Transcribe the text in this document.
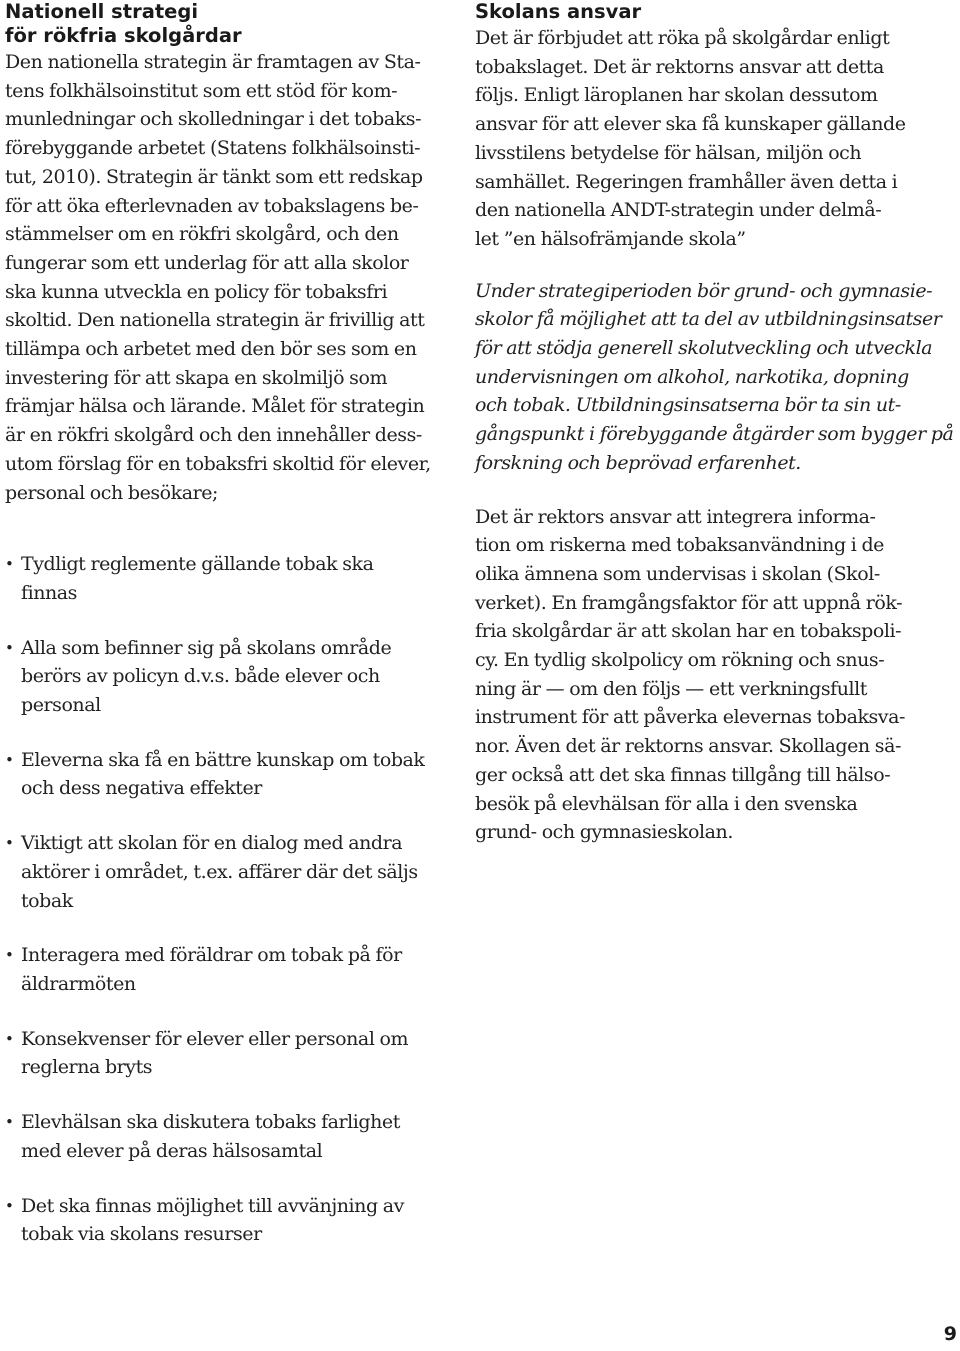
Nationell strategi
för rökfria skolgårdar

Den nationella strategin är framtagen av Sta-
tens folkhälsoinstitut som ett stöd för kom-
munledningar och skolledningar i det tobaks-
förebyggande arbetet (Statens folkhälsoinsti-
tut, 2010). Strategin är tänkt som ett redskap
för att öka efterlevnaden av tobakslagens be-
stämmelser om en rökfri skolgård, och den
fungerar som ett underlag för att alla skolor
ska kunna utveckla en policy för tobaksfri
skoltid. Den nationella strategin är frivillig att
tillämpa och arbetet med den bör ses som en
investering för att skapa en skolmiljö som
främjar hälsa och lärande. Målet för strategin
är en rökfri skolgård och den innehåller dess-
utom förslag för en tobaksfri skoltid för elever,
personal och besökare;

• Tydligt reglemente gällande tobak ska
finnas
• Alla som befinner sig på skolans område
berörs av policyn d.v.s. både elever och
personal
• Eleverna ska få en bättre kunskap om tobak
och dess negativa effekter
• Viktigt att skolan för en dialog med andra
aktörer i området, t.ex. affärer där det säljs
tobak
• Interagera med föräldrar om tobak på för
äldrarmöten
• Konsekvenser för elever eller personal om
reglerna bryts
• Elevhälsan ska diskutera tobaks farlighet
med elever på deras hälsosamtal
• Det ska finnas möjlighet till avvänjning av
tobak via skolans resurser
Skolans ansvar

Det är förbjudet att röka på skolgårdar enligt
tobakslaget. Det är rektorns ansvar att detta
följs. Enligt läroplanen har skolan dessutom
ansvar för att elever ska få kunskaper gällande
livsstilens betydelse för hälsan, miljön och
samhället. Regeringen framhåller även detta i
den nationella ANDT-strategin under delmå-
let ”en hälsofrämjande skola”

Under strategiperioden bör grund- och gymnasie-
skolor få möjlighet att ta del av utbildningsinsatser
för att stödja generell skolutveckling och utveckla
undervisningen om alkohol, narkotika, dopning
och tobak. Utbildningsinsatserna bör ta sin ut-
gångspunkt i förebyggande åtgärder som bygger på
forskning och beprövad erfarenhet.

Det är rektors ansvar att integrera informa-
tion om riskerna med tobaksanvändning i de
olika ämnena som undervisas i skolan (Skol-
verket). En framgångsfaktor för att uppnå rök-
fria skolgårdar är att skolan har en tobakspoli-
cy. En tydlig skolpolicy om rökning och snus-
ning är — om den följs — ett verkningsfullt
instrument för att påverka elevernas tobaksva-
nor. Även det är rektorns ansvar. Skollagen sä-
ger också att det ska finnas tillgång till hälso-
besök på elevhälsan för alla i den svenska
grund- och gymnasieskolan.

9
